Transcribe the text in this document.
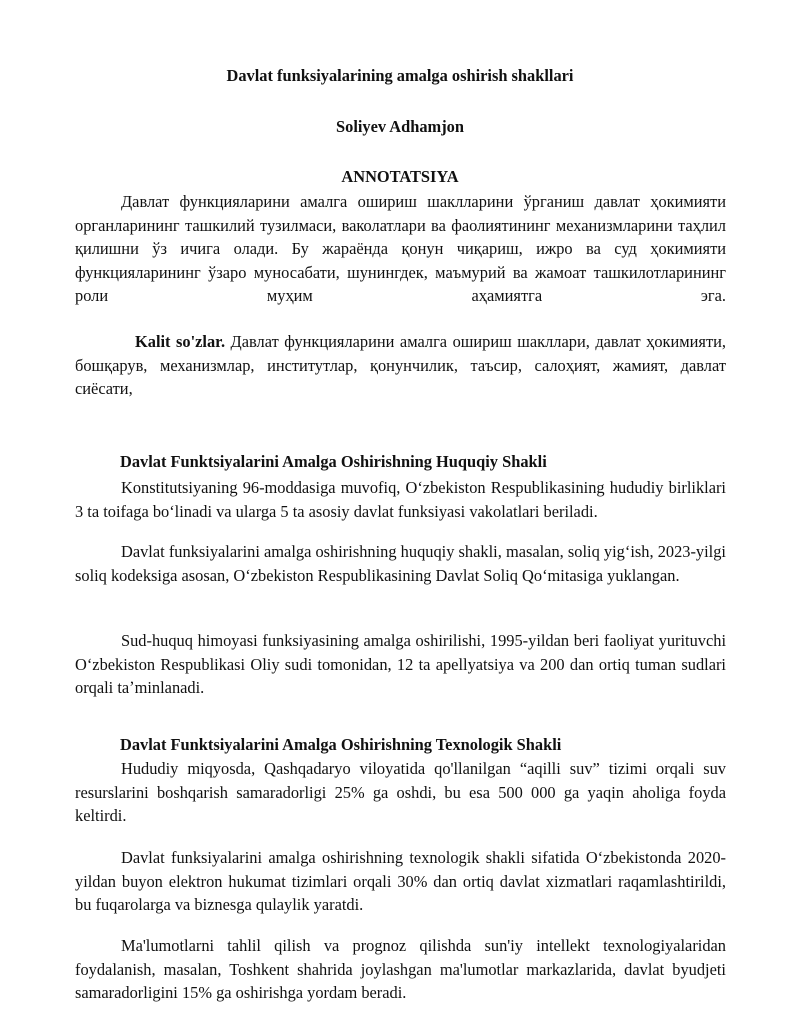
Davlat funksiyalarining amalga oshirish shakllari
Soliyev Adhamjon
ANNOTATSIYA
Давлат функцияларини амалга ошириш шаклларини ўрганиш давлат ҳокимияти органларининг ташкилий тузилмаси, ваколатлари ва фаолиятининг механизмларини таҳлил қилишни ўз ичига олади. Бу жараёнда қонун чиқариш, ижро ва суд ҳокимияти функцияларининг ўзаро муносабати, шунингдек, маъмурий ва жамоат ташкилотларининг роли муҳим аҳамиятга эга.
Kalit so'zlar. Давлат функцияларини амалга ошириш шакллари, давлат ҳокимияти, бошқарув, механизмлар, институтлар, қонунчилик, таъсир, салоҳият, жамият, давлат сиёсати,
Davlat Funktsiyalarini Amalga Oshirishning Huquqiy Shakli
Konstitutsiyaning 96-moddasiga muvofiq, Oʻzbekiston Respublikasining hududiy birliklari 3 ta toifaga boʻlinadi va ularga 5 ta asosiy davlat funksiyasi vakolatlari beriladi.
Davlat funksiyalarini amalga oshirishning huquqiy shakli, masalan, soliq yigʻish, 2023-yilgi soliq kodeksiga asosan, Oʻzbekiston Respublikasining Davlat Soliq Qoʻmitasiga yuklangan.
Sud-huquq himoyasi funksiyasining amalga oshirilishi, 1995-yildan beri faoliyat yurituvchi Oʻzbekiston Respublikasi Oliy sudi tomonidan, 12 ta apellyatsiya va 200 dan ortiq tuman sudlari orqali taʼminlanadi.
Davlat Funktsiyalarini Amalga Oshirishning Texnologik Shakli
Hududiy miqyosda, Qashqadaryo viloyatida qo'llanilgan “aqilli suv” tizimi orqali suv resurslarini boshqarish samaradorligi 25% ga oshdi, bu esa 500 000 ga yaqin aholiga foyda keltirdi.
Davlat funksiyalarini amalga oshirishning texnologik shakli sifatida Oʻzbekistonda 2020-yildan buyon elektron hukumat tizimlari orqali 30% dan ortiq davlat xizmatlari raqamlashtirildi, bu fuqarolarga va biznesga qulaylik yaratdi.
Ma'lumotlarni tahlil qilish va prognoz qilishda sun'iy intellekt texnologiyalaridan foydalanish, masalan, Toshkent shahrida joylashgan ma'lumotlar markazlarida, davlat byudjeti samaradorligini 15% ga oshirishga yordam beradi.
